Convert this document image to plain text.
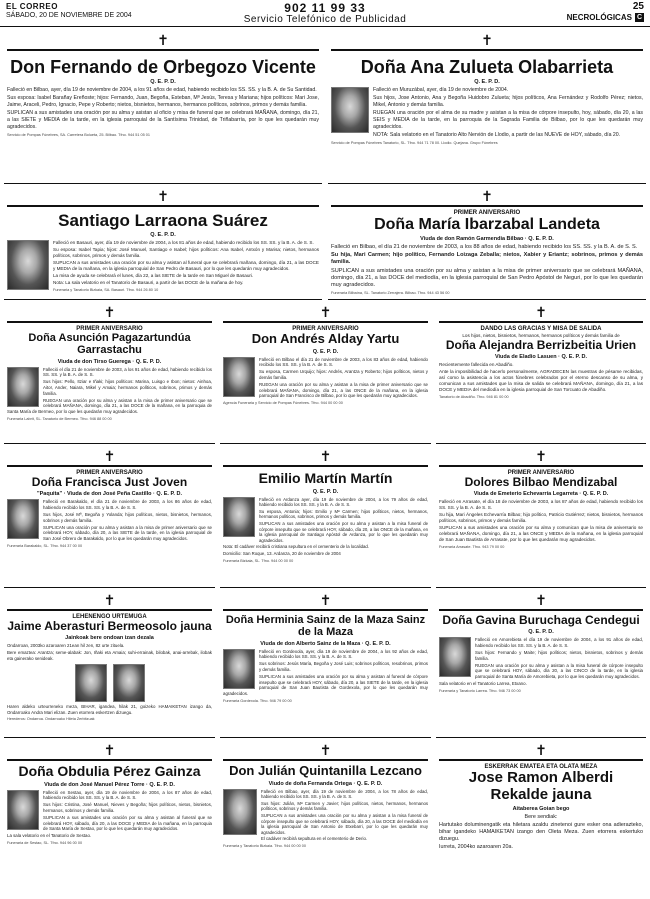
EL CORREO
SÁBADO, 20 DE NOVIEMBRE DE 2004
902 11 99 33
Servicio Telefónico de Publicidad
25
NECROLÓGICAS C
✝
Don Fernando de Orbegozo Vicente
Q. E. P. D.

Falleció en Bilbao, ayer, día 19 de noviembre de 2004, a los 91 años de edad, habiendo recibido los SS. SS. y la B. A. de Su Santidad.

Sus esposa: Isabel Barañay Ereñoste; hijos: Fernando, Juan, Begoña, Esteban, Mª Jesús, Teresa y Mariana; hijos políticos: Mari Jose, Jaime, Araceli, Pedro, Ignacio, Pepe y Roberto; nietos, bisnietos, hermanos, hermanos políticos, sobrinos, primos y demás familia.

SUPLICAN a sus amistades una oración por su alma y asistan al oficio y misa de funeral que se celebrará MAÑANA, domingo, día 21, a las SIETE y MEDIA de la tarde, en la iglesia parroquial de la Santísima Trinidad, de Triñabarría, por lo que les quedarán muy agradecidos.

Servicio de Pompas Fúnebres, SA. Carretera Bolueta, 25. Bilbao. Tfno. 944 51 05 01
✝
Doña Ana Zulueta Olabarrieta
Q. E. P. D.

Falleció en Muruzábal, ayer, día 19 de noviembre de 2004.

Sus hijos, Jose Antonio, Ana y Begoña Huidobro Zulueta; hijos políticos, Ana Fernández y Rodolfo Pérez; nietos, Mikel, Antonio y demás familia.

RUEGAN una oración por el alma de su madre y asistan a la misa de córpore insepulto, hoy, sábado, día 20, a las SEIS y MEDIA de la tarde, en la parroquia de la Sagrada Familia de Bilbao, por lo que les quedarán muy agradecidos.

NOTA: Sala velatorio en el Tanatorio Alto Nervión de Llodio, a partir de las NUEVE de HOY, sábado, día 20.

Servicio de Pompas Fúnebres Tanatorio, SL. Tfno. 944 71 78 00. Llodio. Quejana. Grupo Fúnebres
✝
Santiago Larraona Suárez
Q. E. P. D.

Falleció en Basauri, ayer, día 19 de noviembre de 2004, a los 81 años de edad, habiendo recibido los SS. SS. y la B. A. de S. S.

Su esposa: Isabel Tapia; hijos: José Manuel, Santiago e Isabel; hijos políticos: Ana Isabel, Antxón y Marisa; nietos, hermanos políticos, sobrinos, primos y demás familia.

SUPLICAN a sus amistades una oración por su alma y asistan al funeral que se celebrará mañana, domingo, día 21, a las DOCE y MEDIA de la mañana, en la iglesia parroquial de San Pedro de Basauri, por lo que les quedarán muy agradecidos.

La misa de ayuda se celebrará el lunes, día 22, a las SIETE de la tarde en San Miguel de Basauri.

Nota: La sala velatorio en el Tanatorio de Basauri, a partir de las DOCE de la mañana de hoy.

Funeraria y Tanatorio Bizkaia, SA. Basauri. Tfno. 944 26 80 10
✝
PRIMER ANIVERSARIO
Doña María Ibarzabal Landeta
Viuda de don Ramón Garmendia Bilbao · Q. E. P. D.

Falleció en Bilbao, el día 21 de noviembre de 2003, a los 88 años de edad, habiendo recibido los SS. SS. y la B. A. de S. S.

Su hija, Mari Carmen; hijo político, Fernando Loizaga Zeballa; nietos, Xabier y Eriantz; sobrinos, primos y demás familia.

SUPLICAN a sus amistades una oración por su alma y asistan a la misa de primer aniversario que se celebrará MAÑANA, domingo, día 21, a las DOCE del mediodía, en la iglesia parroquial de San Pedro Apóstol de Neguri, por lo que les quedarán muy agradecidos.

Funeraria Bilbaína, SL. Tanatorio Zerrajera. Bilbao. Tfno. 944 43 56 00
✝
PRIMER ANIVERSARIO
Doña Asunción Pagazartundúa Garrastachu
Viuda de don Tirso Guerega · Q. E. P. D.

Falleció el día 21 de noviembre de 2003, a los 91 años de edad, habiendo recibido los SS. SS. y la B. A. de S. S.

Sus hijos: Pello, Itziar e Iñaki; hijos políticos: Marina, Luisgo e Ibon; nietos: Ainhoa, Aitor, Ander, Naiara, Mikel y Amaia; hermanos políticos, sobrinos, primos y demás familia.

RUEGAN una oración por su alma y asistan a la misa de primer aniversario que se celebrará MAÑANA, domingo, día 21, a las DOCE de la mañana, en la parroquia de Santa María de Bermeo, por lo que les quedarán muy agradecidos.

Funeraria Labrit, SL. Tanatorio de Bermeo. Tfno. 946 88 00 00
✝
PRIMER ANIVERSARIO
Don Andrés Alday Yartu
Q. E. P. D.

Falleció en Bilbao el día 21 de noviembre de 2003, a los 83 años de edad, habiendo recibido los SS. SS. y la B. A. de S. S.

Su esposa, Carmen Urquijo; hijos: Andrés, Arantza y Roberto; hijos políticos, nietos y demás familia.

RUEGAN una oración por su alma y asistan a la misa de primer aniversario que se celebrará MAÑANA, domingo, día 21, a las ONCE de la mañana, en la iglesia parroquial de San Francisco de Bilbao, por lo que les quedarán muy agradecidos.

Agencia Funeraria y Servicio de Pompas Fúnebres. Tfno. 944 00 00 00
✝
DANDO LAS GRACIAS Y MISA DE SALIDA
Los hijos, nietos, bisnietos, hermanos, hermanos políticos y demás familia de
Doña Alejandra Berrizbeitia Urien
Viuda de Eladio Lasuen · Q. E. P. D.

Recientemente fallecida en Abadiño.

Ante la imposibilidad de hacerlo personalmente, AGRADECEN las muestras de pésame recibidas, así como la asistencia a los actos fúnebres celebrados por el eterno descanso de su alma, y comunican a sus amistades que la misa de salida se celebrará MAÑANA, domingo, día 21, a las DOCE y MEDIA del mediodía en la iglesia parroquial de San Torcuato de Abadiño.

Tanatorio de Abadiño. Tfno. 946 81 00 00
✝
PRIMER ANIVERSARIO
Doña Francisca Just Joven
"Paquita" · Viuda de don José Peña Castillo · Q. E. P. D.

Falleció en Barakaldo, el día 21 de noviembre de 2003, a los 86 años de edad, habiendo recibido los SS. SS. y la B. A. de S. S.

Sus hijos, José Mª, Begoña y Yolanda; hijos políticos, nietos, bisnietos, hermanos, sobrinos y demás familia.

SUPLICAN una oración por su alma y asistan a la misa de primer aniversario que se celebrará HOY, sábado, día 20, a las SIETE de la tarde, en la iglesia parroquial de San José Obrero de Barakaldo, por lo que les quedarán muy agradecidos.

Funeraria Barakaldo, SL. Tfno. 944 37 00 00
✝
Emilio Martín Martín
Q. E. P. D.

Falleció en Ardanza ayer, día 19 de noviembre de 2004, a los 79 años de edad, habiendo recibido los SS. SS. y la B. A. de S. S.

Su esposa, Antonia; hijos: Emilio y Mª Carmen; hijos políticos, nietos, hermanos, hermanos políticos, sobrinos, primos y demás familia.

SUPLICAN a sus amistades una oración por su alma y asistan a la misa funeral de córpore insepulto que se celebrará HOY, sábado, día 20, a las ONCE de la mañana, en la iglesia parroquial de Santiago Apóstol de Ardanza, por lo que les quedarán muy agradecidos.

Nota: El cadáver recibirá cristiana sepultura en el cementerio de la localidad.

Domicilio: San Roque, 13. Ardanza, 20 de noviembre de 2004

Funeraria Bizkaia, SL. Tfno. 944 00 00 00
✝
PRIMER ANIVERSARIO
Dolores Bilbao Mendizabal
Viuda de Emeterio Echevarría Legarreta · Q. E. P. D.

Falleció en Arrasate, el día 18 de noviembre de 2003, a los 87 años de edad, habiendo recibido los SS. SS. y la B. A. de S. S.

Su hija, Mari Ángeles Echevarría Bilbao; hijo político, Patricio Gutiérrez; nietos, bisnietos, hermanos políticos, sobrinos, primos y demás familia.

SUPLICAN a sus amistades una oración por su alma y comunican que la misa de aniversario se celebrará MAÑANA, domingo, día 21, a las ONCE y MEDIA de la mañana, en la iglesia parroquial de San Juan Bautista de Arrasate, por lo que les quedarán muy agradecidos.

Funeraria Arrasate. Tfno. 943 79 00 00
✝
LEHENENGO URTEMUGA
Jaime Aberasturi Bermeosolo jauna
Jainkoak bere ondoan izan dezala

Ondarroan, 2003ko azaroaren 21ean hil zen, 82 urte zituela.

Bere emaztea: Arantza; seme-alabak: Jon, Iñaki eta Amaia; suhi-errainak, bilobak, anai-arrebak, ilobak eta gainerako senideak.

Haren aldeko urteurreneko meza, BIHAR, igandea, hilak 21, goizeko HAMAIKETAN izango da, Ondarroako Andra Mari elizan. Zuen etorrera eskertzen dizuegu.
Herederos: Ondarroa. Ondarroako Hileta Zerbitzuak
✝
Doña Herminia Sainz de la Maza Sainz de la Maza
Viuda de don Alberto Sainz de la Maza · Q. E. P. D.

Falleció en Gordexola, ayer, día 19 de noviembre de 2004, a los 92 años de edad, habiendo recibido los SS. SS. y la B. A. de S. S.

Sus sobrinos: Jesús María, Begoña y José Luis; sobrinos políticos, resobrinos, primos y demás familia.

SUPLICAN a sus amistades una oración por su alma y asistan al funeral de córpore insepulto que se celebrará HOY, sábado, día 20, a las SIETE de la tarde, en la iglesia parroquial de San Juan Bautista de Gordexola, por lo que les quedarán muy agradecidos.

Funeraria Gordexola. Tfno. 946 79 00 00
✝
Doña Gavina Buruchaga Cendegui
Q. E. P. D.

Falleció en Amorebieta el día 19 de noviembre de 2004, a los 91 años de edad, habiendo recibido los SS. SS. y la B. A. de S. S.

Sus hijos: Fernando y Maite; hijos políticos; nietos, bisnietos, sobrinos y demás familia.

RUEGAN una oración por su alma y asistan a la misa funeral de córpore insepulto que se celebrará HOY, sábado, día 20, a las CINCO de la tarde, en la iglesia parroquial de Santa María de Amorebieta, por lo que les quedarán muy agradecidos.

Sala velatorio en el Tanatorio Larrea, Etxano.

Funeraria y Tanatorio Larrea. Tfno. 946 73 00 00
✝
Doña Obdulia Pérez Gainza
Viuda de don José Manuel Pérez Torre · Q. E. P. D.

Falleció en Sestao, ayer, día 19 de noviembre de 2004, a los 87 años de edad, habiendo recibido los SS. SS. y la B. A. de S. S.

Sus hijos: Cristina, José Manuel, Nieves y Begoña; hijos políticos, nietos, bisnietos, hermanos, sobrinos y demás familia.

SUPLICAN a sus amistades una oración por su alma y asistan al funeral que se celebrará HOY, sábado, día 20, a las DOCE y MEDIA de la mañana, en la parroquia de Santa María de Sestao, por lo que les quedarán muy agradecidos.

La sala velatorio en el Tanatorio de Sestao.

Funeraria de Sestao, SL. Tfno. 944 96 00 00
✝
Don Julián Quintanilla Lezcano
Viudo de doña Fernanda Ortega · Q. E. P. D.

Falleció en Bilbao, ayer, día 19 de noviembre de 2004, a los 78 años de edad, habiendo recibido los SS. SS. y la B. A. de S. S.

Sus hijos: Julián, Mª Carmen y Javier; hijos políticos, nietos, hermanos, hermanos políticos, sobrinos y demás familia.

SUPLICAN a sus amistades una oración por su alma y asistan a la misa funeral de córpore insepulto que se celebrará HOY, sábado, día 20, a las DOCE del mediodía en la iglesia parroquial de San Antonio de Etxebarri, por lo que les quedarán muy agradecidos.

El cadáver recibirá sepultura en el cementerio de Derio.

Funeraria y Tanatorio Bizkaia. Tfno. 944 00 00 00
✝
ESKERRAK EMATEA ETA OLATA MEZA
Jose Ramon Alberdi Rekalde jauna
Aitaberea Goian bego

Bere sendiak:

Hartutako doluminengatik eta hiletara azaldu zinetenoi gure esker ona adierazteko, bihar igandeko HAMAIKETAN izango den Oleta Meza. Zuen etorrera eskertuko dizuegu.

Iurreta, 2004ko azaroaren 20a.
